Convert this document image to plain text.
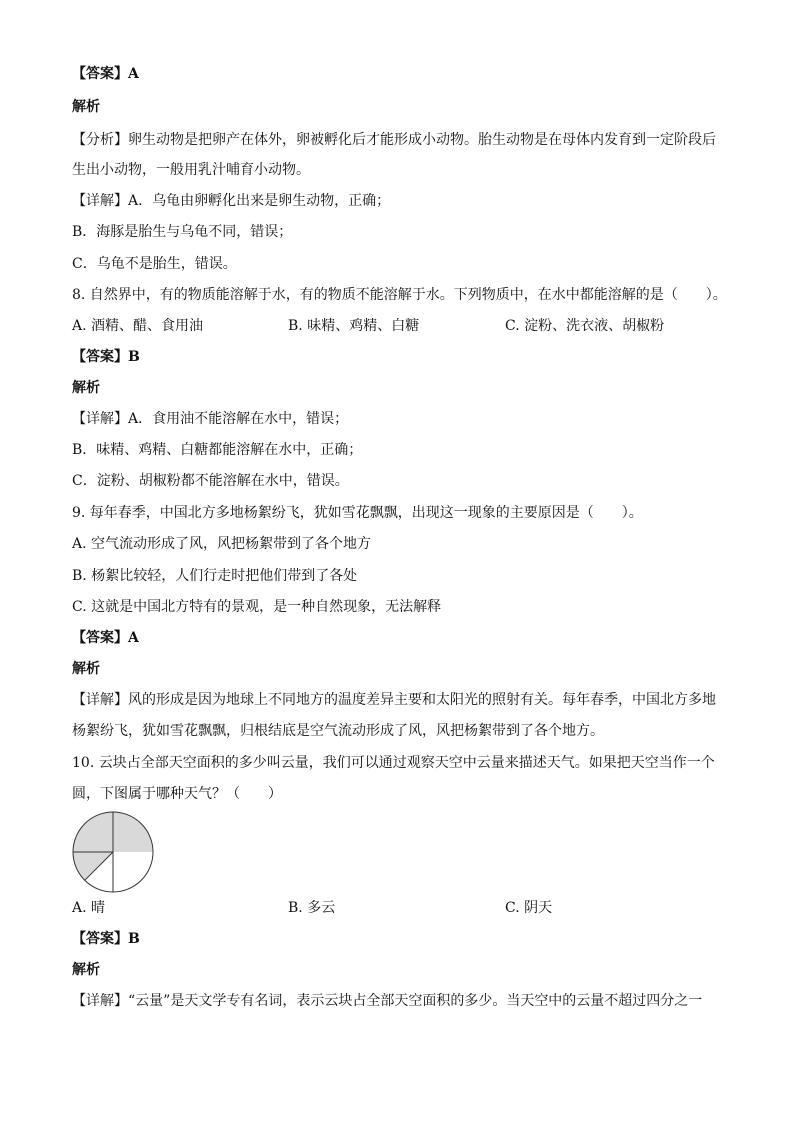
【答案】A
解析
【分析】卵生动物是把卵产在体外，卵被孵化后才能形成小动物。胎生动物是在母体内发育到一定阶段后
生出小动物，一般用乳汁哺育小动物。
【详解】A．乌龟由卵孵化出来是卵生动物，正确；
B．海豚是胎生与乌龟不同，错误；
C．乌龟不是胎生，错误。
8. 自然界中，有的物质能溶解于水，有的物质不能溶解于水。下列物质中，在水中都能溶解的是（　　）。
A. 酒精、醋、食用油	B. 味精、鸡精、白糖	C. 淀粉、洗衣液、胡椒粉
【答案】B
解析
【详解】A．食用油不能溶解在水中，错误；
B．味精、鸡精、白糖都能溶解在水中，正确；
C．淀粉、胡椒粉都不能溶解在水中，错误。
9. 每年春季，中国北方多地杨絮纷飞，犹如雪花飘飘，出现这一现象的主要原因是（　　）。
A. 空气流动形成了风，风把杨絮带到了各个地方
B. 杨絮比较轻，人们行走时把他们带到了各处
C. 这就是中国北方特有的景观，是一种自然现象，无法解释
【答案】A
解析
【详解】风的形成是因为地球上不同地方的温度差异主要和太阳光的照射有关。每年春季，中国北方多地
杨絮纷飞，犹如雪花飘飘，归根结底是空气流动形成了风，风把杨絮带到了各个地方。
10. 云块占全部天空面积的多少叫云量，我们可以通过观察天空中云量来描述天气。如果把天空当作一个
圆，下图属于哪种天气？（　　）
A. 晴	B. 多云	C. 阴天
【答案】B
解析
【详解】“云量”是天文学专有名词，表示云块占全部天空面积的多少。当天空中的云量不超过四分之一
